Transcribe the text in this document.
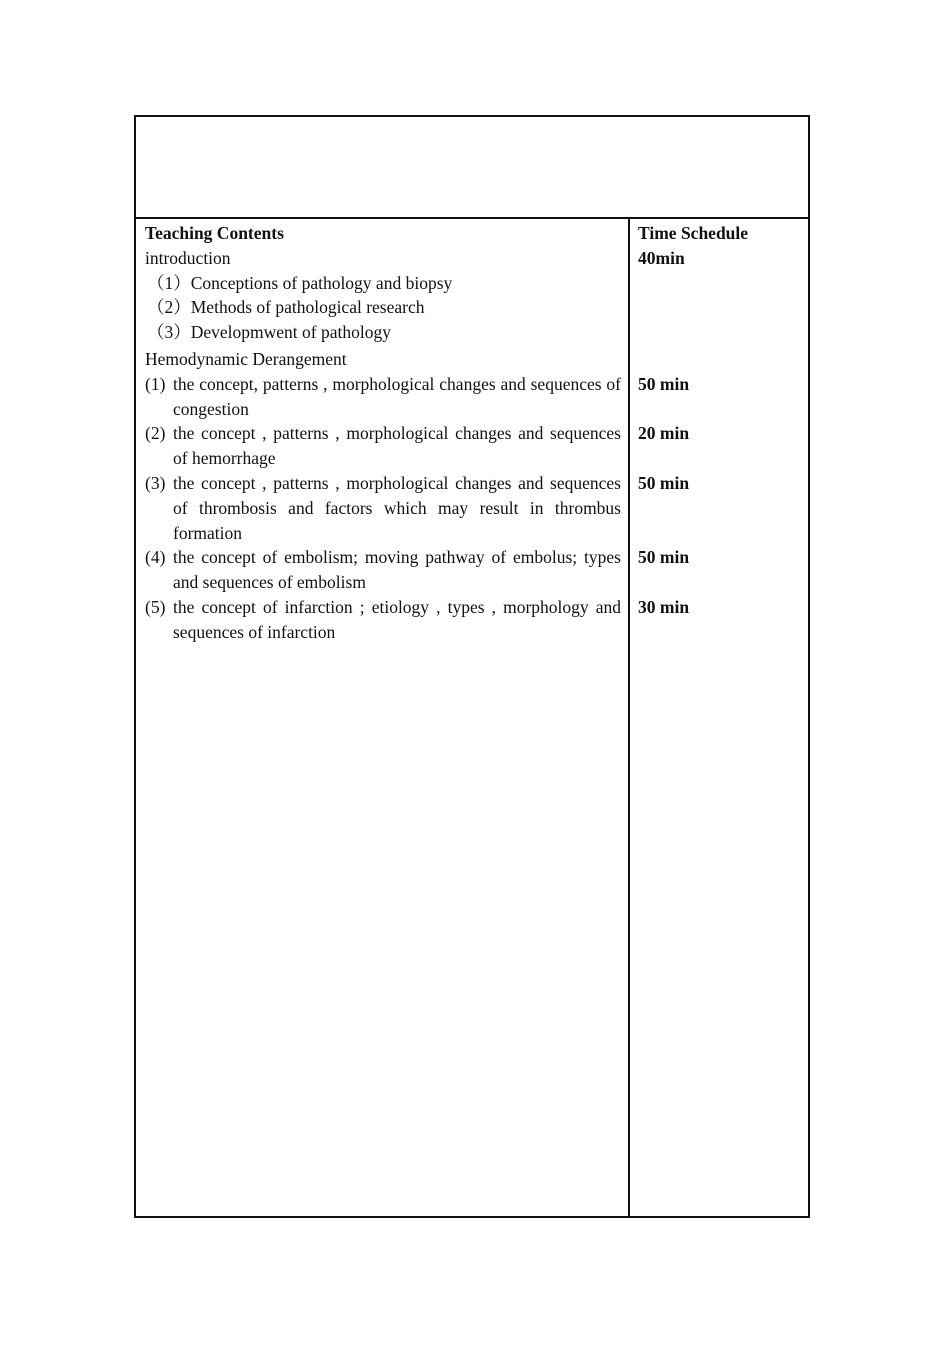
Teaching Contents
introduction
（1）Conceptions of pathology and biopsy
（2）Methods of pathological research
（3）Developmwent of pathology
Hemodynamic Derangement
(1) the concept, patterns , morphological changes and sequences of congestion
(2) the concept , patterns , morphological changes and sequences of hemorrhage
(3) the concept , patterns , morphological changes and sequences of thrombosis and factors which may result in thrombus formation
(4) the concept of embolism; moving pathway of embolus; types and sequences of embolism
(5) the concept of infarction ; etiology , types , morphology and sequences of infarction
Time Schedule
40min
50 min
20 min
50 min
50 min
30 min
